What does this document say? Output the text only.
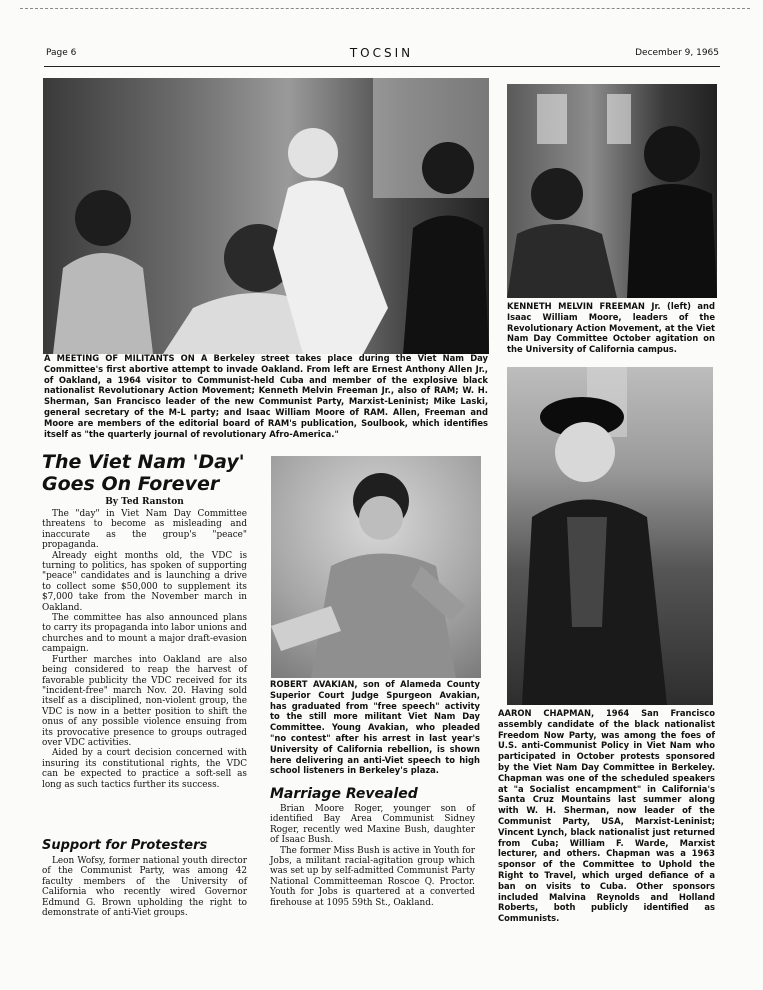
Page 6	TOCSIN	December 9, 1965

A MEETING OF MILITANTS ON A Berkeley street takes place during the Viet Nam Day Committee's first abortive attempt to invade Oakland. From left are Ernest Anthony Allen Jr., of Oakland, a 1964 visitor to Communist-held Cuba and member of the explosive black nationalist Revolutionary Action Movement; Kenneth Melvin Freeman Jr., also of RAM; W. H. Sherman, San Francisco leader of the new Communist Party, Marxist-Leninist; Mike Laski, general secretary of the M-L party; and Isaac William Moore of RAM. Allen, Freeman and Moore are members of the editorial board of RAM's publication, Soulbook, which identifies itself as "the quarterly journal of revolutionary Afro-America."

KENNETH MELVIN FREEMAN Jr. (left) and Isaac William Moore, leaders of the Revolutionary Action Movement, at the Viet Nam Day Committee October agitation on the University of California campus.

ROBERT AVAKIAN, son of Alameda County Superior Court Judge Spurgeon Avakian, has graduated from "free speech" activity to the still more militant Viet Nam Day Committee. Young Avakian, who pleaded "no contest" after his arrest in last year's University of California rebellion, is shown here delivering an anti-Viet speech to high school listeners in Berkeley's plaza.

AARON CHAPMAN, 1964 San Francisco assembly candidate of the black nationalist Freedom Now Party, was among the foes of U.S. anti-Communist Policy in Viet Nam who participated in October protests sponsored by the Viet Nam Day Committee in Berkeley. Chapman was one of the scheduled speakers at "a Socialist encampment" in California's Santa Cruz Mountains last summer along with W. H. Sherman, now leader of the Communist Party, USA, Marxist-Leninist; Vincent Lynch, black nationalist just returned from Cuba; William F. Warde, Marxist lecturer, and others. Chapman was a 1963 sponsor of the Committee to Uphold the Right to Travel, which urged defiance of a ban on visits to Cuba. Other sponsors included Malvina Reynolds and Holland Roberts, both publicly identified as Communists.

The Viet Nam 'Day'
Goes On Forever

By Ted Ranston

The "day" in Viet Nam Day Committee threatens to become as misleading and inaccurate as the group's "peace" propaganda.

Already eight months old, the VDC is turning to politics, has spoken of supporting "peace" candidates and is launching a drive to collect some $50,000 to supplement its $7,000 take from the November march in Oakland.

The committee has also announced plans to carry its propaganda into labor unions and churches and to mount a major draft-evasion campaign.

Further marches into Oakland are also being considered to reap the harvest of favorable publicity the VDC received for its "incident-free" march Nov. 20. Having sold itself as a disciplined, non-violent group, the VDC is now in a better position to shift the onus of any possible violence ensuing from its provocative presence to groups outraged over VDC activities.

Aided by a court decision concerned with insuring its constitutional rights, the VDC can be expected to practice a soft-sell as long as such tactics further its success.

Support for Protesters

Leon Wofsy, former national youth director of the Communist Party, was among 42 faculty members of the University of California who recently wired Governor Edmund G. Brown upholding the right to demonstrate of anti-Viet groups.

Marriage Revealed

Brian Moore Roger, younger son of identified Bay Area Communist Sidney Roger, recently wed Maxine Bush, daughter of Isaac Bush.

The former Miss Bush is active in Youth for Jobs, a militant racial-agitation group which was set up by self-admitted Communist Party National Committeeman Roscoe Q. Proctor. Youth for Jobs is quartered at a converted firehouse at 1095 59th St., Oakland.
